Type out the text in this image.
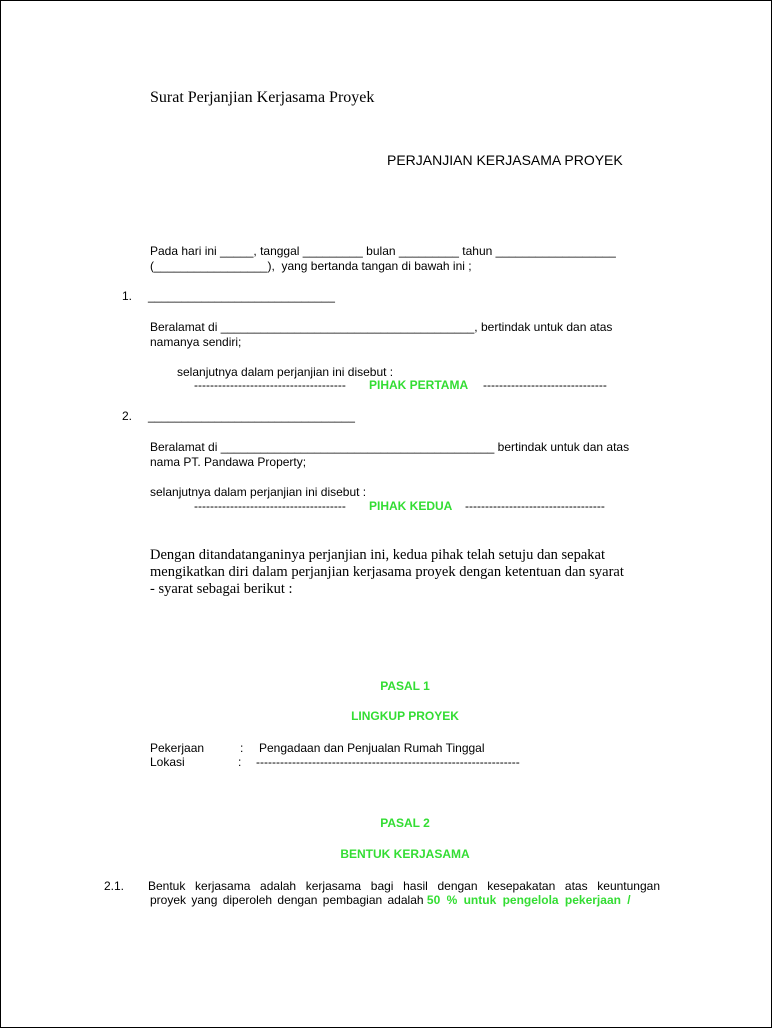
Surat Perjanjian Kerjasama Proyek
PERJANJIAN KERJASAMA PROYEK
Pada hari ini _____, tanggal _________ bulan _________ tahun __________________
(_________________),  yang bertanda tangan di bawah ini ;
1. ____________________________
Beralamat di ______________________________________, bertindak untuk dan atas
namanya sendiri;
selanjutnya dalam perjanjian ini disebut :
-------------------------------------- PIHAK PERTAMA -------------------------------
2. _______________________________
Beralamat di _________________________________________ bertindak untuk dan atas
nama PT. Pandawa Property;
selanjutnya dalam perjanjian ini disebut :
-------------------------------------- PIHAK KEDUA -----------------------------------
Dengan ditandatanganinya perjanjian ini, kedua pihak telah setuju dan sepakat
mengikatkan diri dalam perjanjian kerjasama proyek dengan ketentuan dan syarat
- syarat sebagai berikut :
PASAL 1
LINGKUP PROYEK
Pekerjaan	: Pengadaan dan Penjualan Rumah Tinggal
Lokasi	: ------------------------------------------------------------------
PASAL 2
BENTUK KERJASAMA
2.1. Bentuk kerjasama adalah kerjasama bagi hasil dengan kesepakatan atas keuntungan
proyek yang diperoleh dengan pembagian adalah 50 % untuk pengelola pekerjaan /
